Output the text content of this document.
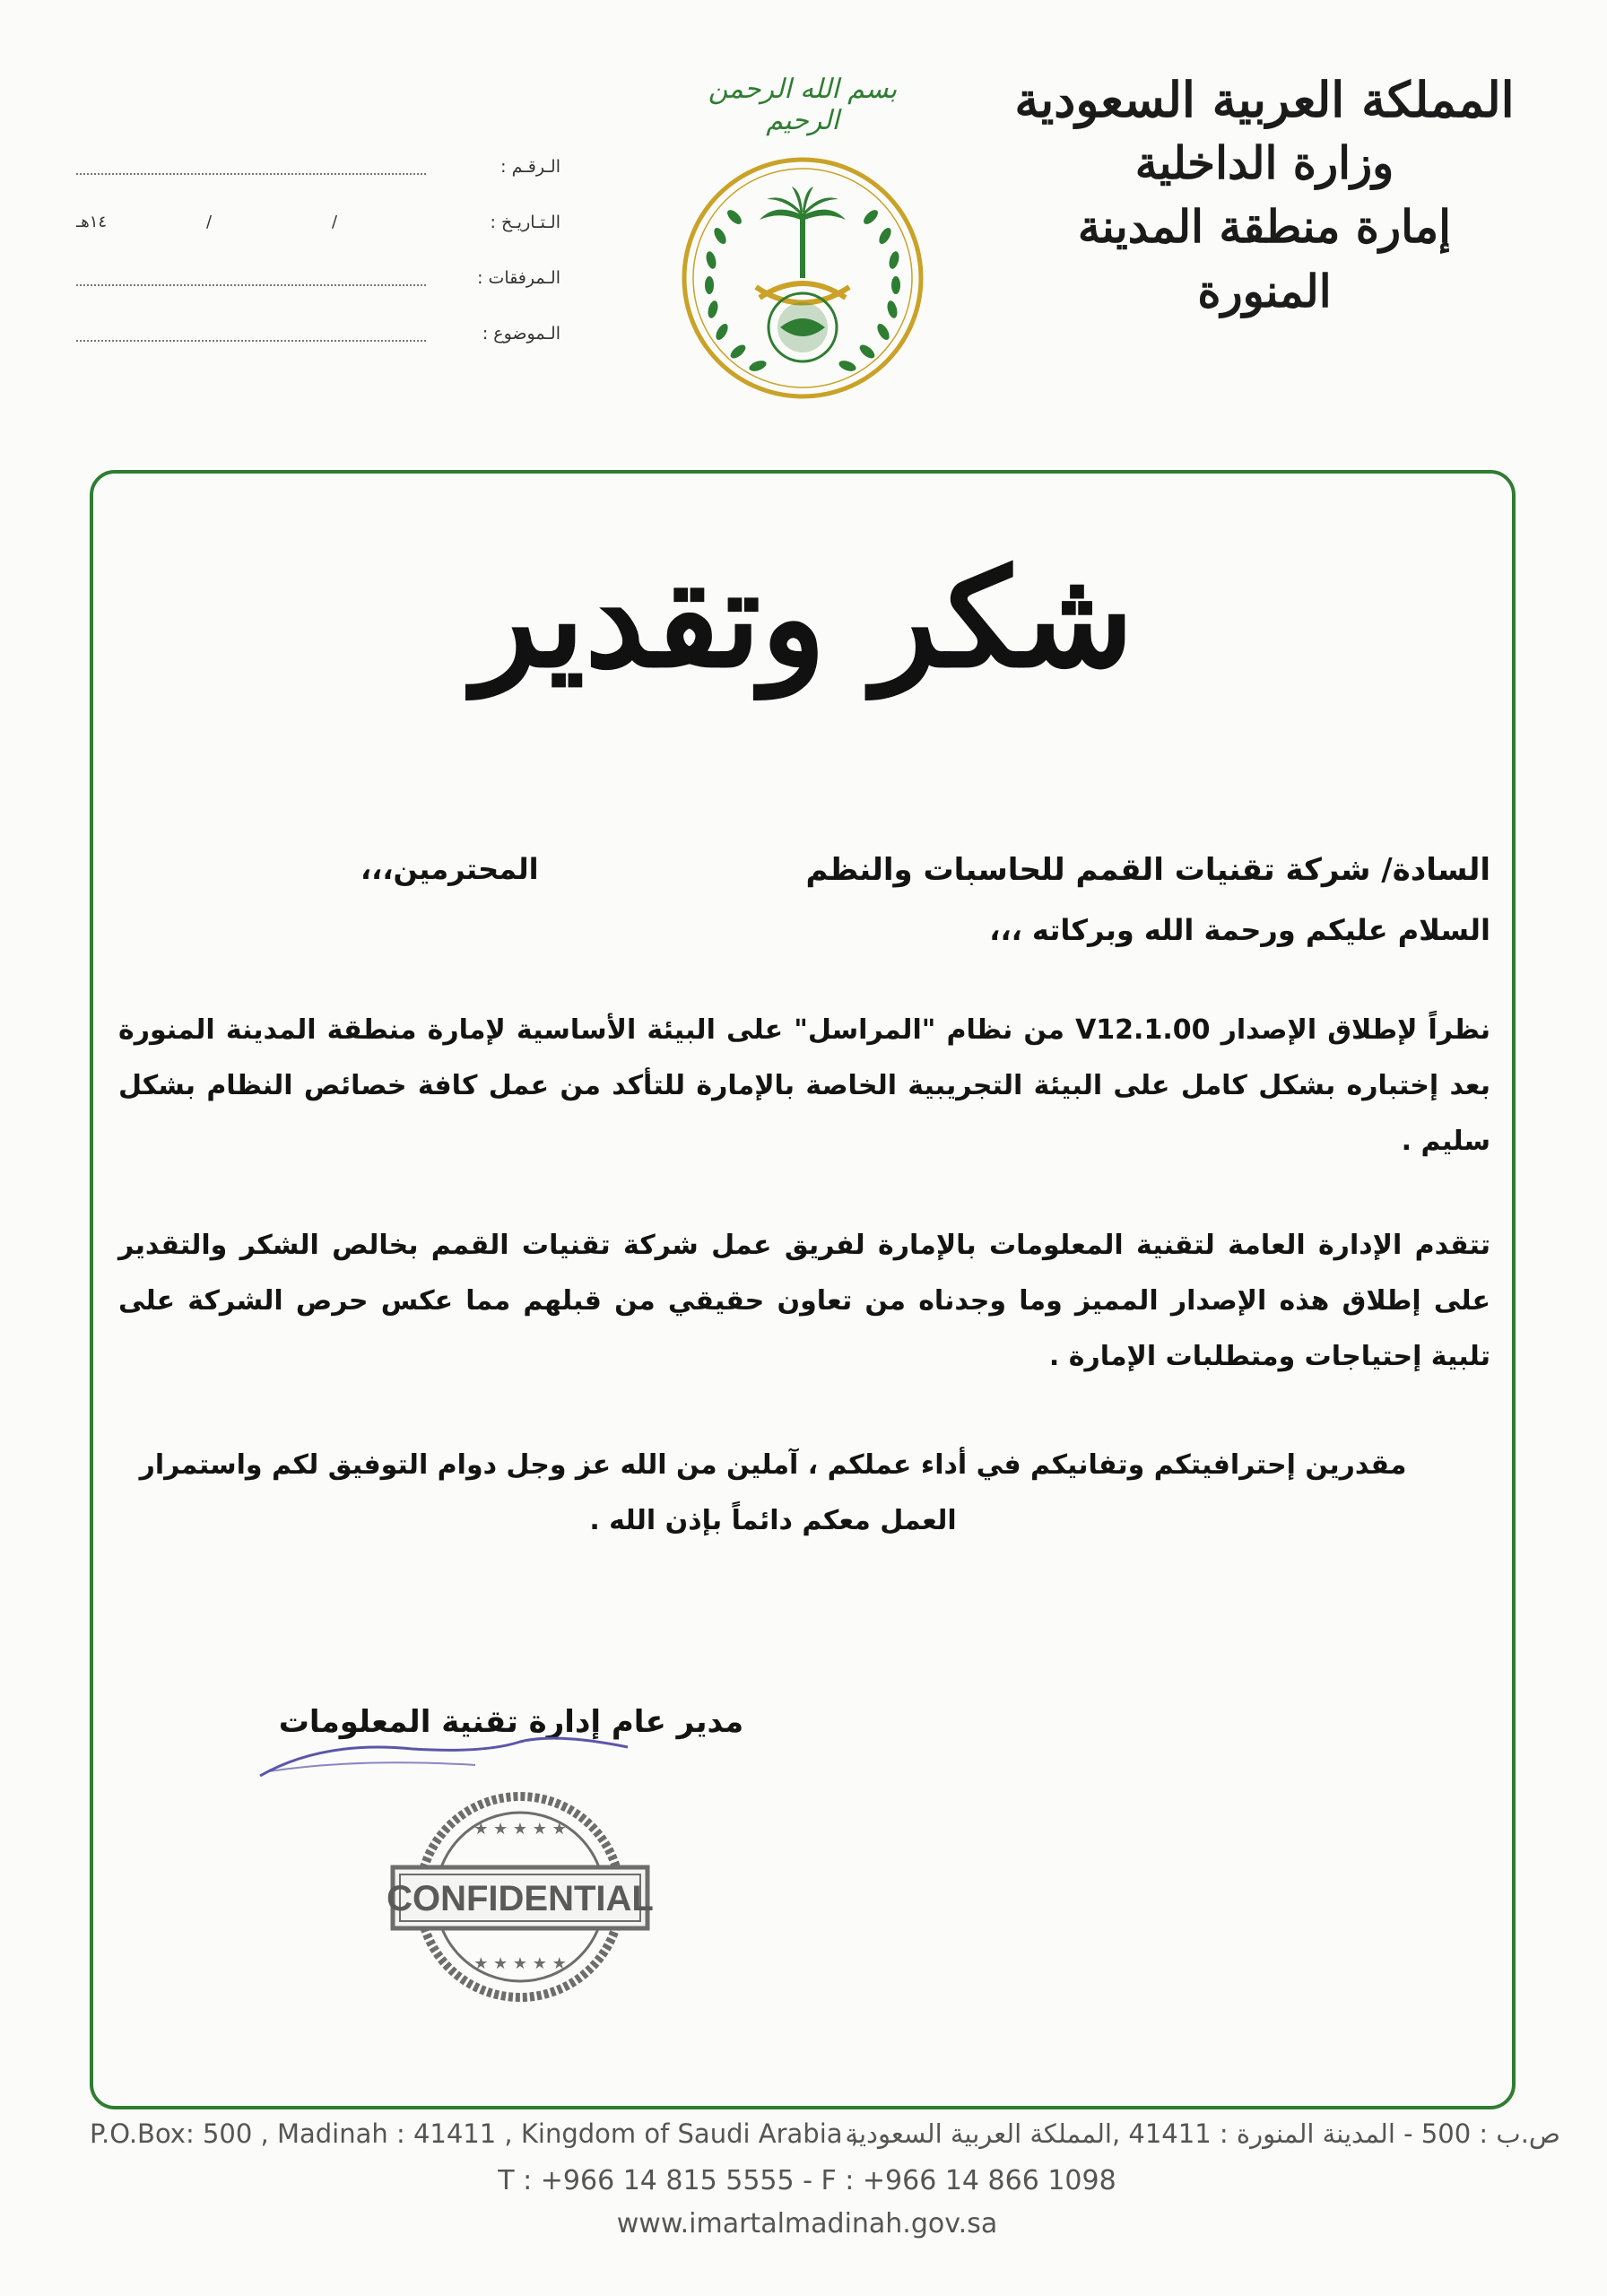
المملكة العربية السعودية
وزارة الداخلية
إمارة منطقة المدينة المنورة
بسم الله الرحمن الرحيم
الـرقـم :
الـتـاريـخ :
١٤هـ	/	/
الـمرفقات :
الـموضوع :
شكر وتقدير
السادة/ شركة تقنيات القمم للحاسبات والنظم
المحترمين،،،
السلام عليكم ورحمة الله وبركاته ،،،
نظراً لإطلاق الإصدار V12.1.00 من نظام "المراسل" على البيئة الأساسية لإمارة منطقة المدينة المنورة بعد إختباره بشكل كامل على البيئة التجريبية الخاصة بالإمارة للتأكد من عمل كافة خصائص النظام بشكل سليم .
تتقدم الإدارة العامة لتقنية المعلومات بالإمارة لفريق عمل شركة تقنيات القمم بخالص الشكر والتقدير على إطلاق هذه الإصدار المميز وما وجدناه من تعاون حقيقي من قبلهم مما عكس حرص الشركة على تلبية إحتياجات ومتطلبات الإمارة .
مقدرين إحترافيتكم وتفانيكم في أداء عملكم ، آملين من الله عز وجل دوام التوفيق لكم واستمرار العمل معكم دائماً بإذن الله .
مدير عام إدارة تقنية المعلومات
★ ★ ★ ★ ★
★ ★ ★ ★ ★
CONFIDENTIAL
P.O.Box: 500 , Madinah : 41411 , Kingdom of Saudi Arabia ,
ص.ب : 500 - المدينة المنورة : 41411 ,المملكة العربية السعودية
T : +966 14 815 5555 - F : +966 14 866 1098
www.imartalmadinah.gov.sa
